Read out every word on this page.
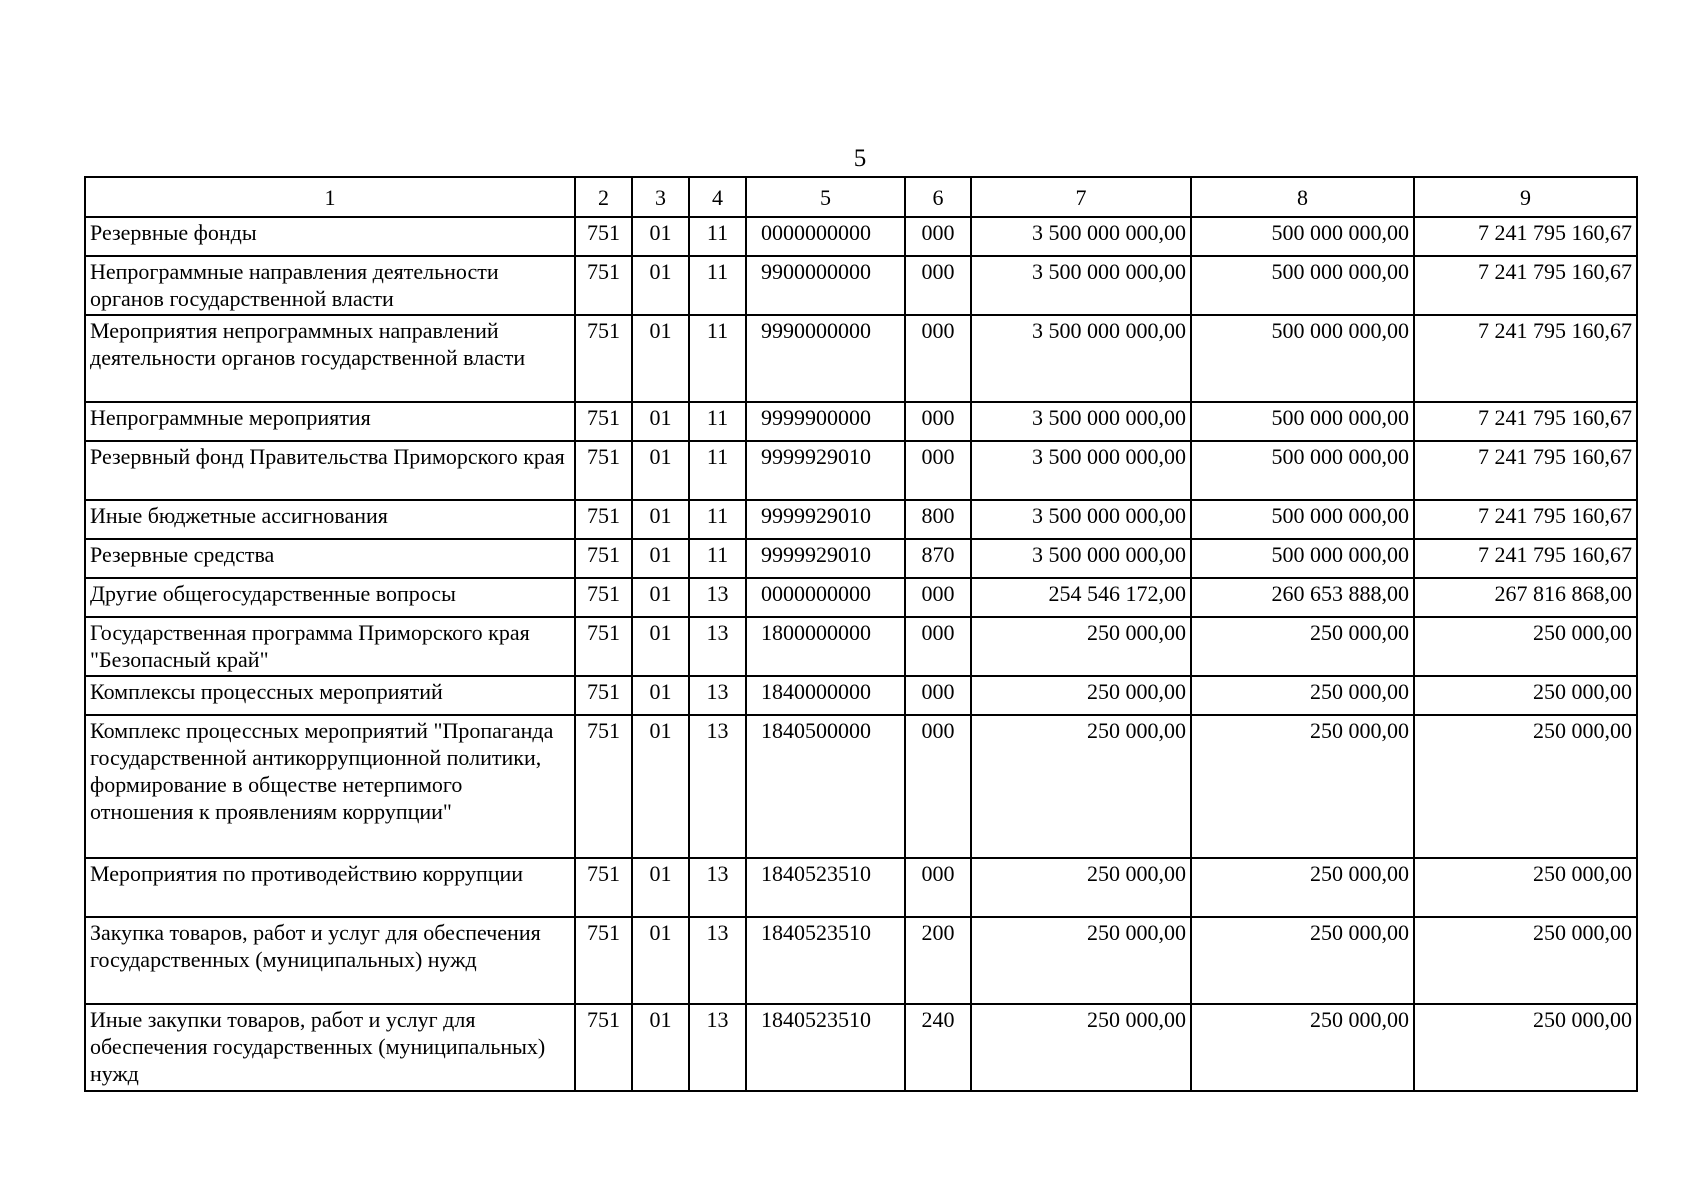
5
1	2	3	4	5	6	7	8	9
Резервные фонды	751	01	11	0000000000	000	3 500 000 000,00	500 000 000,00	7 241 795 160,67
Непрограммные направления деятельности органов государственной власти	751	01	11	9900000000	000	3 500 000 000,00	500 000 000,00	7 241 795 160,67
Мероприятия непрограммных направлений деятельности органов государственной власти	751	01	11	9990000000	000	3 500 000 000,00	500 000 000,00	7 241 795 160,67
Непрограммные мероприятия	751	01	11	9999900000	000	3 500 000 000,00	500 000 000,00	7 241 795 160,67
Резервный фонд Правительства Приморского края	751	01	11	9999929010	000	3 500 000 000,00	500 000 000,00	7 241 795 160,67
Иные бюджетные ассигнования	751	01	11	9999929010	800	3 500 000 000,00	500 000 000,00	7 241 795 160,67
Резервные средства	751	01	11	9999929010	870	3 500 000 000,00	500 000 000,00	7 241 795 160,67
Другие общегосударственные вопросы	751	01	13	0000000000	000	254 546 172,00	260 653 888,00	267 816 868,00
Государственная программа Приморского края "Безопасный край"	751	01	13	1800000000	000	250 000,00	250 000,00	250 000,00
Комплексы процессных мероприятий	751	01	13	1840000000	000	250 000,00	250 000,00	250 000,00
Комплекс процессных мероприятий "Пропаганда государственной антикоррупционной политики, формирование в обществе нетерпимого отношения к проявлениям коррупции"	751	01	13	1840500000	000	250 000,00	250 000,00	250 000,00
Мероприятия по противодействию коррупции	751	01	13	1840523510	000	250 000,00	250 000,00	250 000,00
Закупка товаров, работ и услуг для обеспечения государственных (муниципальных) нужд	751	01	13	1840523510	200	250 000,00	250 000,00	250 000,00
Иные закупки товаров, работ и услуг для обеспечения государственных (муниципальных) нужд	751	01	13	1840523510	240	250 000,00	250 000,00	250 000,00
